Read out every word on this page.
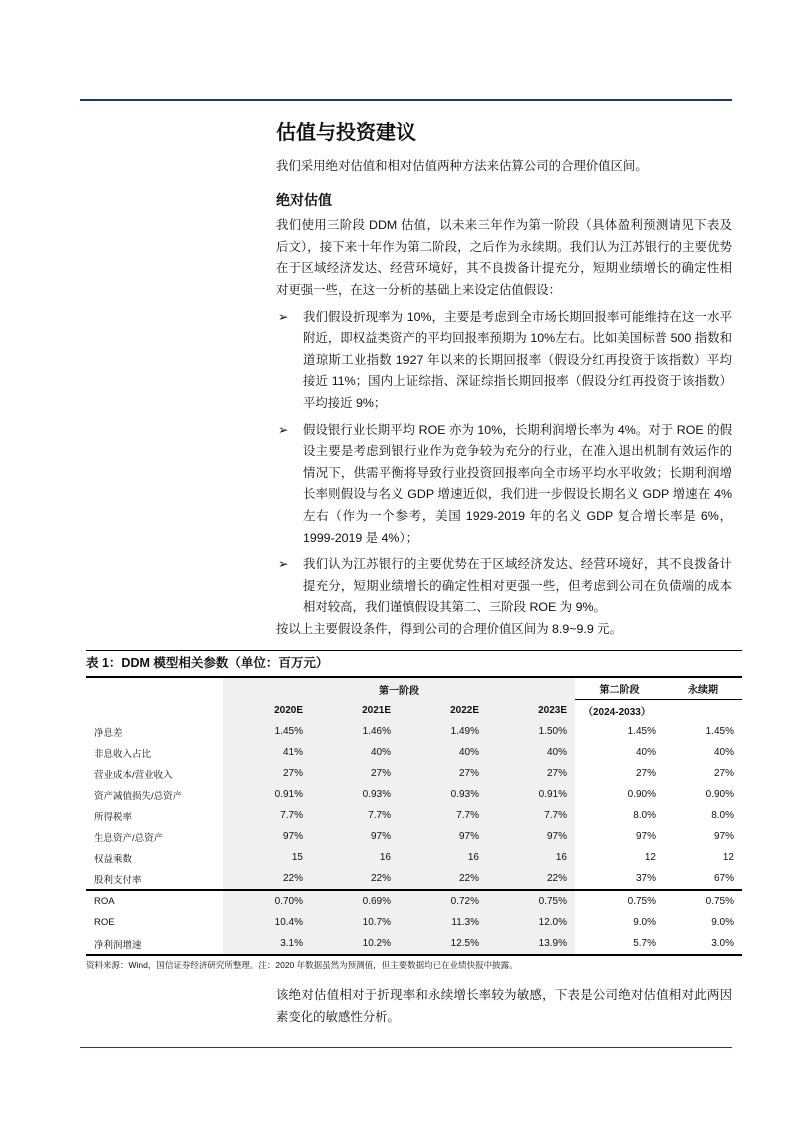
估值与投资建议

我们采用绝对估值和相对估值两种方法来估算公司的合理价值区间。

绝对估值

我们使用三阶段 DDM 估值，以未来三年作为第一阶段（具体盈利预测请见下表及后文），接下来十年作为第二阶段，之后作为永续期。我们认为江苏银行的主要优势在于区域经济发达、经营环境好，其不良拨备计提充分，短期业绩增长的确定性相对更强一些，在这一分析的基础上来设定估值假设：

➢ 我们假设折现率为 10%，主要是考虑到全市场长期回报率可能维持在这一水平附近，即权益类资产的平均回报率预期为 10%左右。比如美国标普 500 指数和道琼斯工业指数 1927 年以来的长期回报率（假设分红再投资于该指数）平均接近 11%；国内上证综指、深证综指长期回报率（假设分红再投资于该指数）平均接近 9%；
➢ 假设银行业长期平均 ROE 亦为 10%，长期利润增长率为 4%。对于 ROE 的假设主要是考虑到银行业作为竞争较为充分的行业，在准入退出机制有效运作的情况下，供需平衡将导致行业投资回报率向全市场平均水平收敛；长期利润增长率则假设与名义 GDP 增速近似，我们进一步假设长期名义 GDP 增速在 4%左右（作为一个参考，美国 1929-2019 年的名义 GDP 复合增长率是 6%，1999-2019 是 4%）；
➢ 我们认为江苏银行的主要优势在于区域经济发达、经营环境好，其不良拨备计提充分，短期业绩增长的确定性相对更强一些，但考虑到公司在负债端的成本相对较高，我们谨慎假设其第二、三阶段 ROE 为 9%。

按以上主要假设条件，得到公司的合理价值区间为 8.9~9.9 元。

表 1：DDM 模型相关参数（单位：百万元）
	第一阶段				第二阶段	永续期
	2020E	2021E	2022E	2023E	（2024-2033）	
净息差	1.45%	1.46%	1.49%	1.50%	1.45%	1.45%
非息收入占比	41%	40%	40%	40%	40%	40%
营业成本/营业收入	27%	27%	27%	27%	27%	27%
资产减值损失/总资产	0.91%	0.93%	0.93%	0.91%	0.90%	0.90%
所得税率	7.7%	7.7%	7.7%	7.7%	8.0%	8.0%
生息资产/总资产	97%	97%	97%	97%	97%	97%
权益乘数	15	16	16	16	12	12
股利支付率	22%	22%	22%	22%	37%	67%
ROA	0.70%	0.69%	0.72%	0.75%	0.75%	0.75%
ROE	10.4%	10.7%	11.3%	12.0%	9.0%	9.0%
净利润增速	3.1%	10.2%	12.5%	13.9%	5.7%	3.0%
资料来源：Wind，国信证券经济研究所整理。注：2020 年数据虽然为预测值，但主要数据均已在业绩快报中披露。
该绝对估值相对于折现率和永续增长率较为敏感，下表是公司绝对估值相对此两因素变化的敏感性分析。
